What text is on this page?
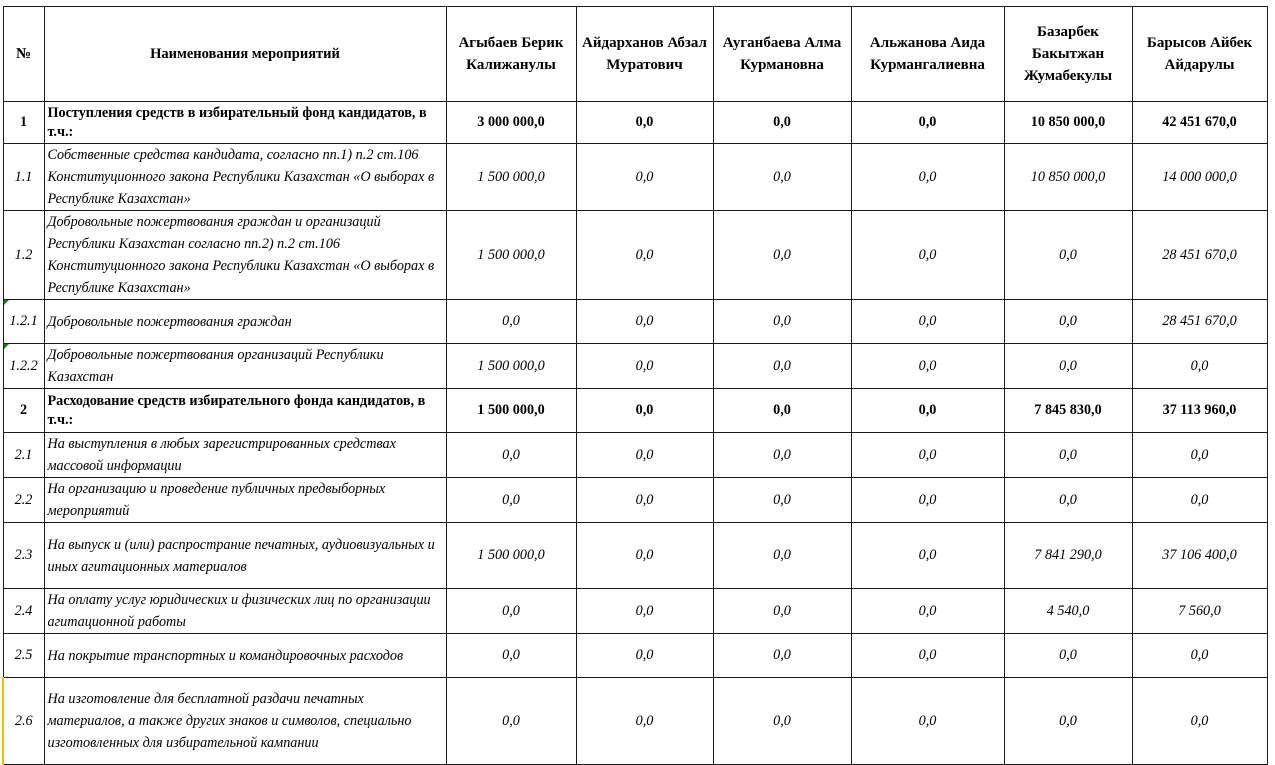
№	Наименования мероприятий	Агыбаев Берик Калижанулы	Айдарханов Абзал Муратович	Ауганбаева Алма Курмановна	Альжанова Аида Курмангалиевна	Базарбек Бакытжан Жумабекулы	Барысов Айбек Айдарулы
1	Поступления средств в избирательный фонд кандидатов, в т.ч.:	3 000 000,0	0,0	0,0	0,0	10 850 000,0	42 451 670,0
1.1	Собственные средства кандидата, согласно пп.1) п.2 ст.106 Конституционного закона Республики Казахстан «О выборах в Республике Казахстан»	1 500 000,0	0,0	0,0	0,0	10 850 000,0	14 000 000,0
1.2	Добровольные пожертвования граждан и организаций Республики Казахстан согласно пп.2) п.2 ст.106 Конституционного закона Республики Казахстан «О выборах в Республике Казахстан»	1 500 000,0	0,0	0,0	0,0	0,0	28 451 670,0
1.2.1	Добровольные пожертвования граждан	0,0	0,0	0,0	0,0	0,0	28 451 670,0
1.2.2	Добровольные пожертвования организаций Республики Казахстан	1 500 000,0	0,0	0,0	0,0	0,0	0,0
2	Расходование средств избирательного фонда кандидатов, в т.ч.:	1 500 000,0	0,0	0,0	0,0	7 845 830,0	37 113 960,0
2.1	На выступления в любых зарегистрированных средствах массовой информации	0,0	0,0	0,0	0,0	0,0	0,0
2.2	На организацию и проведение публичных предвыборных мероприятий	0,0	0,0	0,0	0,0	0,0	0,0
2.3	На выпуск и (или) распространие печатных, аудиовизуальных и иных агитационных материалов	1 500 000,0	0,0	0,0	0,0	7 841 290,0	37 106 400,0
2.4	На оплату услуг юридических и физических лиц по организации агитационной работы	0,0	0,0	0,0	0,0	4 540,0	7 560,0
2.5	На покрытие транспортных и командировочных расходов	0,0	0,0	0,0	0,0	0,0	0,0
2.6	На изготовление для бесплатной раздачи печатных материалов, а также других знаков и символов, специально изготовленных для избирательной кампании	0,0	0,0	0,0	0,0	0,0	0,0
